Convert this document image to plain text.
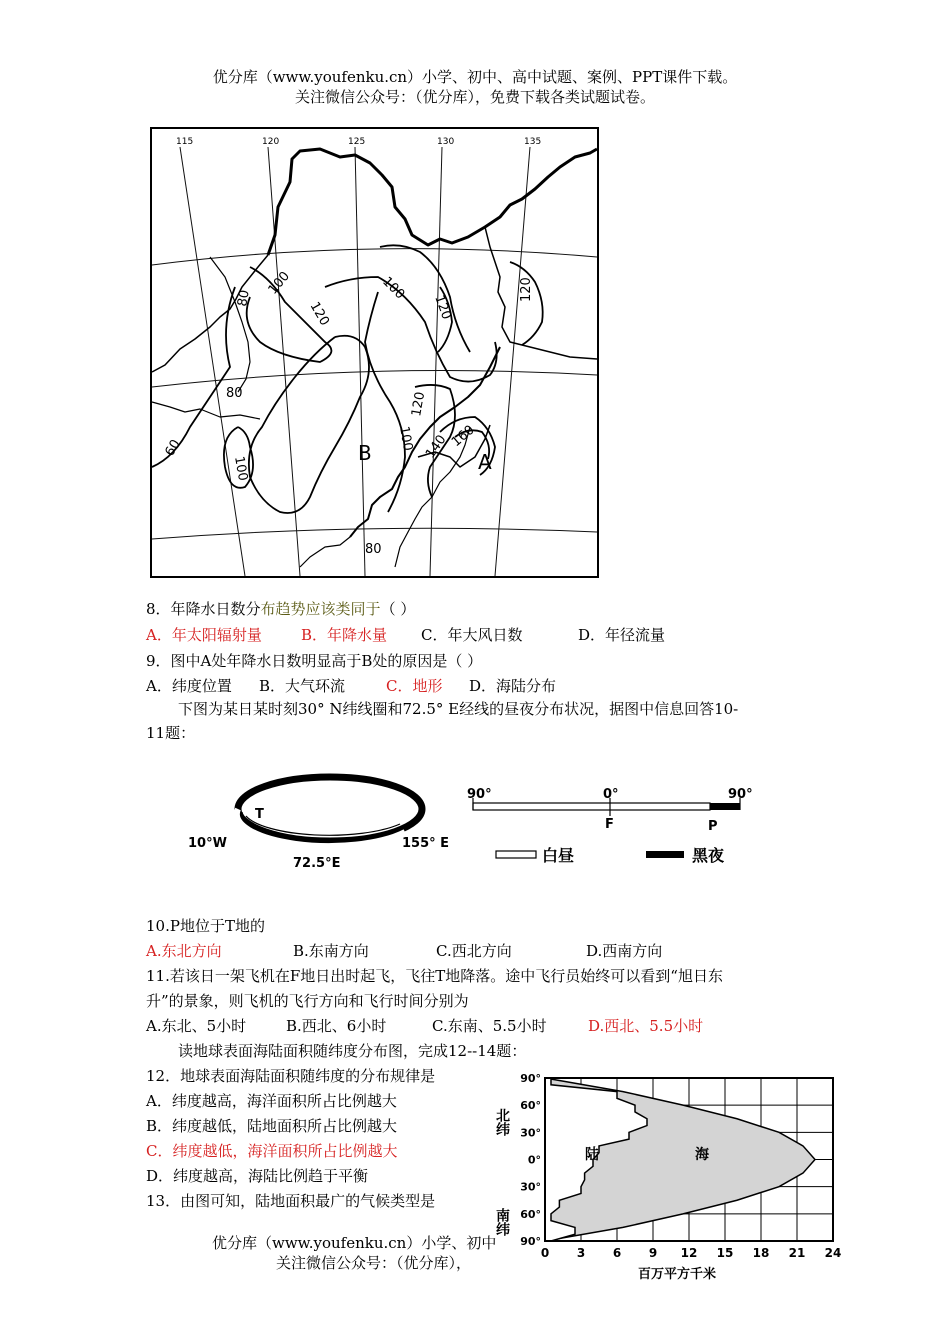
优分库（www.youfenku.cn）小学、初中、高中试题、案例、PPT课件下载。
关注微信公众号：（优分库），免费下载各类试题试卷。
115	120	125	130	135
60
80
80
100
120
100
120
100
120
140 160
80
120
100
B	A
8．年降水日数分布趋势应该类同于（ ）
A．年太阳辐射量	B．年降水量 C．年大风日数	D．年径流量
9．图中A处年降水日数明显高于B处的原因是（ ）
A．纬度位置 B．大气环流	C．地形 D．海陆分布
下图为某日某时刻30° N纬线圈和72.5° E经线的昼夜分布状况，据图中信息回答10-
11题：
T
10°W
72.5°E
155° E
90°	0°	90°
F	P
白昼	黑夜
10.P地位于T地的
A.东北方向	B.东南方向	C.西北方向	D.西南方向
11.若该日一架飞机在F地日出时起飞，飞往T地降落。途中飞行员始终可以看到“旭日东
升”的景象，则飞机的飞行方向和飞行时间分别为
A.东北、5小时	B.西北、6小时	C.东南、5.5小时	D.西北、5.5小时
读地球表面海陆面积随纬度分布图，完成12--14题：
12．地球表面海陆面积随纬度的分布规律是
A．纬度越高，海洋面积所占比例越大
B．纬度越低，陆地面积所占比例越大
C．纬度越低，海洋面积所占比例越大
D．纬度越高，海陆比例趋于平衡
13．由图可知，陆地面积最广的气候类型是
90°
60°
30°
0°
30°
60°
90°
0 3 6 9 12 15 18 21 24
北纬
南纬
陆	海
百万平方千米
优分库（www.youfenku.cn）小学、初中
关注微信公众号：（优分库），
